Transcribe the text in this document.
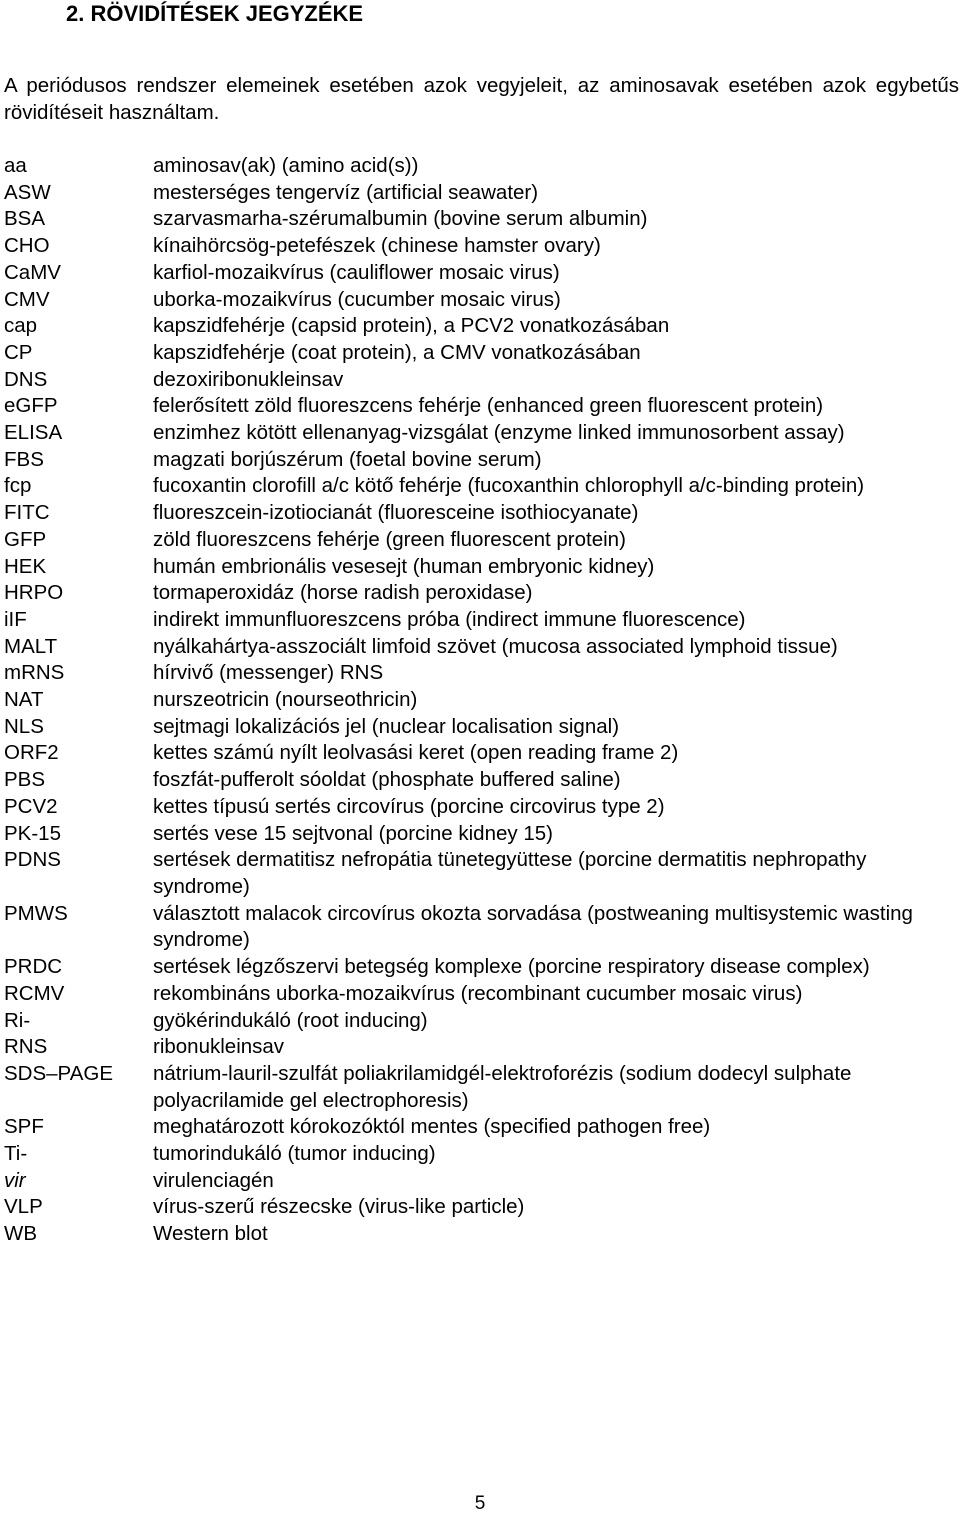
2. RÖVIDÍTÉSEK JEGYZÉKE
A periódusos rendszer elemeinek esetében azok vegyjeleit, az aminosavak esetében azok egybetűs rövidítéseit használtam.
aa	aminosav(ak) (amino acid(s))
ASW	mesterséges tengervíz (artificial seawater)
BSA	szarvasmarha-szérumalbumin (bovine serum albumin)
CHO	kínaihörcsög-petefészek (chinese hamster ovary)
CaMV	karfiol-mozaikvírus (cauliflower mosaic virus)
CMV	uborka-mozaikvírus (cucumber mosaic virus)
cap	kapszidfehérje (capsid protein), a PCV2 vonatkozásában
CP	kapszidfehérje (coat protein), a CMV vonatkozásában
DNS	dezoxiribonukleinsav
eGFP	felerősített zöld fluoreszcens fehérje (enhanced green fluorescent protein)
ELISA	enzimhez kötött ellenanyag-vizsgálat (enzyme linked immunosorbent assay)
FBS	magzati borjúszérum (foetal bovine serum)
fcp	fucoxantin clorofill a/c kötő fehérje (fucoxanthin chlorophyll a/c-binding protein)
FITC	fluoreszcein-izotiocianát (fluoresceine isothiocyanate)
GFP	zöld fluoreszcens fehérje (green fluorescent protein)
HEK	humán embrionális vesesejt (human embryonic kidney)
HRPO	tormaperoxidáz (horse radish peroxidase)
iIF	indirekt immunfluoreszcens próba (indirect immune fluorescence)
MALT	nyálkahártya-asszociált limfoid szövet (mucosa associated lymphoid tissue)
mRNS	hírvivő (messenger) RNS
NAT	nurszeotricin (nourseothricin)
NLS	sejtmagi lokalizációs jel (nuclear localisation signal)
ORF2	kettes számú nyílt leolvasási keret (open reading frame 2)
PBS	foszfát-pufferolt sóoldat (phosphate buffered saline)
PCV2	kettes típusú sertés circovírus (porcine circovirus type 2)
PK-15	sertés vese 15 sejtvonal (porcine kidney 15)
PDNS	sertések dermatitisz nefropátia tünetegyüttese (porcine dermatitis nephropathy syndrome)
PMWS	választott malacok circovírus okozta sorvadása (postweaning multisystemic wasting syndrome)
PRDC	sertések légzőszervi betegség komplexe (porcine respiratory disease complex)
RCMV	rekombináns uborka-mozaikvírus (recombinant cucumber mosaic virus)
Ri-	gyökérindukáló (root inducing)
RNS	ribonukleinsav
SDS–PAGE	nátrium-lauril-szulfát poliakrilamidgél-elektroforézis (sodium dodecyl sulphate polyacrilamide gel electrophoresis)
SPF	meghatározott kórokozóktól mentes (specified pathogen free)
Ti-	tumorindukáló (tumor inducing)
vir	virulenciagén
VLP	vírus-szerű részecske (virus-like particle)
WB	Western blot
5
